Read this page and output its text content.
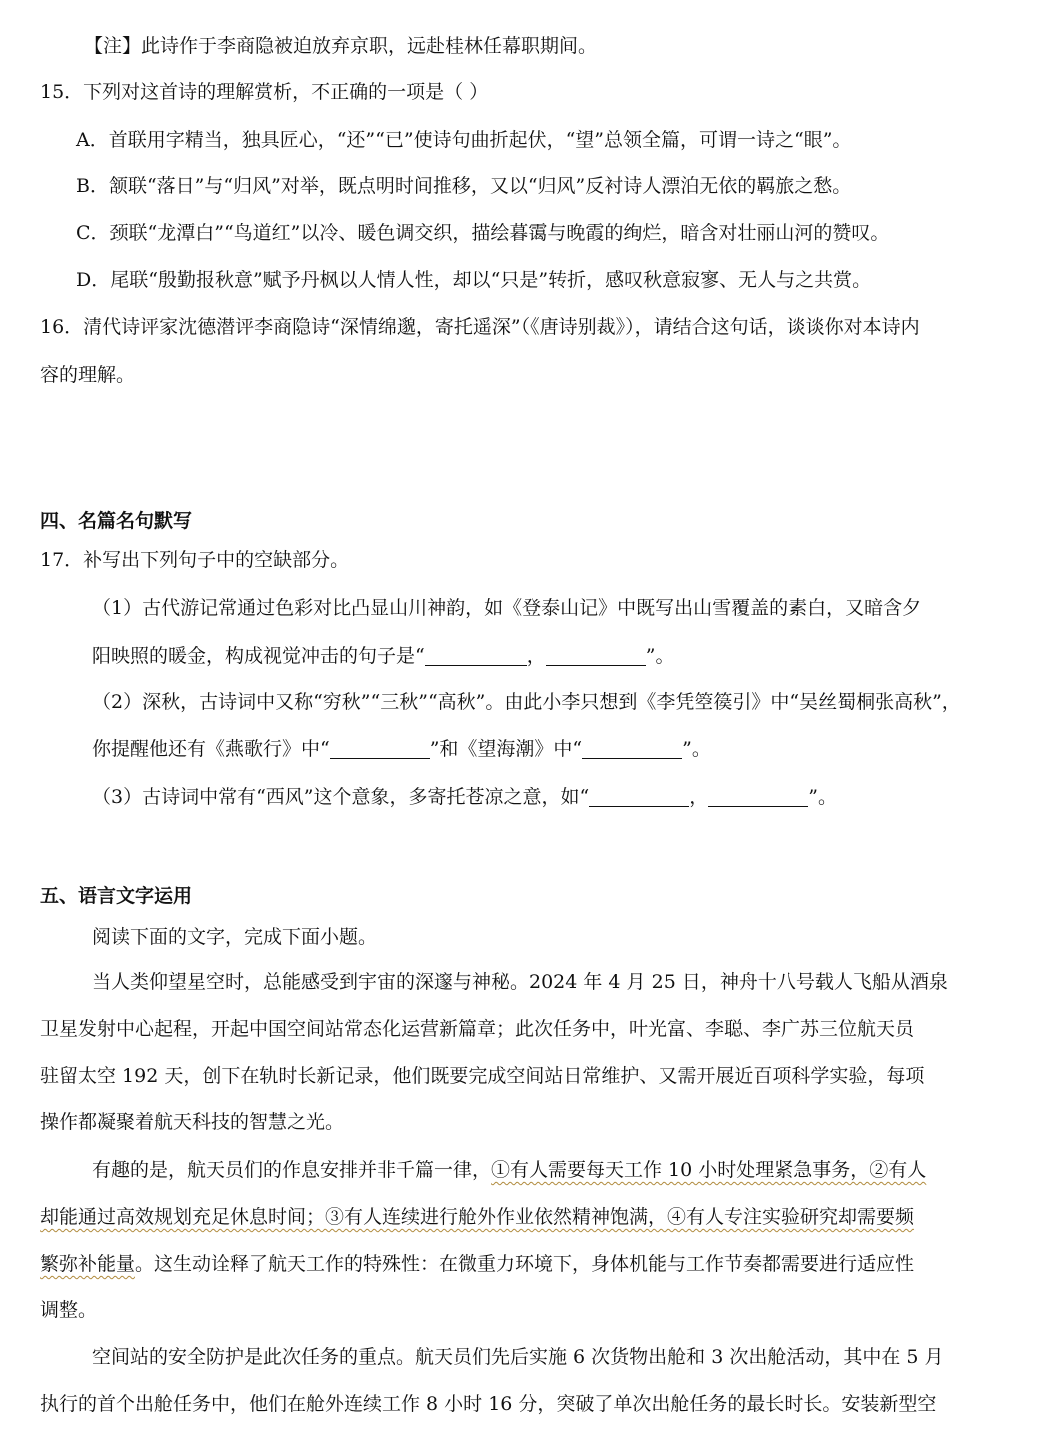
【注】此诗作于李商隐被迫放弃京职，远赴桂林任幕职期间。
15．下列对这首诗的理解赏析，不正确的一项是（ ）
A．首联用字精当，独具匠心，“还”“已”使诗句曲折起伏，“望”总领全篇，可谓一诗之“眼”。
B．颔联“落日”与“归风”对举，既点明时间推移，又以“归风”反衬诗人漂泊无依的羁旅之愁。
C．颈联“龙潭白”“鸟道红”以冷、暖色调交织，描绘暮霭与晚霞的绚烂，暗含对壮丽山河的赞叹。
D．尾联“殷勤报秋意”赋予丹枫以人情人性，却以“只是”转折，感叹秋意寂寥、无人与之共赏。
16．清代诗评家沈德潜评李商隐诗“深情绵邈，寄托遥深”（《唐诗别裁》），请结合这句话，谈谈你对本诗内
容的理解。
四、名篇名句默写
17．补写出下列句子中的空缺部分。
（1）古代游记常通过色彩对比凸显山川神韵，如《登泰山记》中既写出山雪覆盖的素白，又暗含夕
阳映照的暖金，构成视觉冲击的句子是“	，	”。
（2）深秋，古诗词中又称“穷秋”“三秋”“高秋”。由此小李只想到《李凭箜篌引》中“吴丝蜀桐张高秋”，
你提醒他还有《燕歌行》中“	”和《望海潮》中“	”。
（3）古诗词中常有“西风”这个意象，多寄托苍凉之意，如“	，	”。
五、语言文字运用
阅读下面的文字，完成下面小题。
当人类仰望星空时，总能感受到宇宙的深邃与神秘。2024 年 4 月 25 日，神舟十八号载人飞船从酒泉
卫星发射中心起程，开起中国空间站常态化运营新篇章；此次任务中，叶光富、李聪、李广苏三位航天员
驻留太空 192 天，创下在轨时长新记录，他们既要完成空间站日常维护、又需开展近百项科学实验，每项
操作都凝聚着航天科技的智慧之光。
有趣的是，航天员们的作息安排并非千篇一律，①有人需要每天工作 10 小时处理紧急事务，②有人
却能通过高效规划充足休息时间；③有人连续进行舱外作业依然精神饱满，④有人专注实验研究却需要频
繁弥补能量。这生动诠释了航天工作的特殊性：在微重力环境下，身体机能与工作节奏都需要进行适应性
调整。
空间站的安全防护是此次任务的重点。航天员们先后实施 6 次货物出舱和 3 次出舱活动，其中在 5 月
执行的首个出舱任务中，他们在舱外连续工作 8 小时 16 分，突破了单次出舱任务的最长时长。安装新型空
